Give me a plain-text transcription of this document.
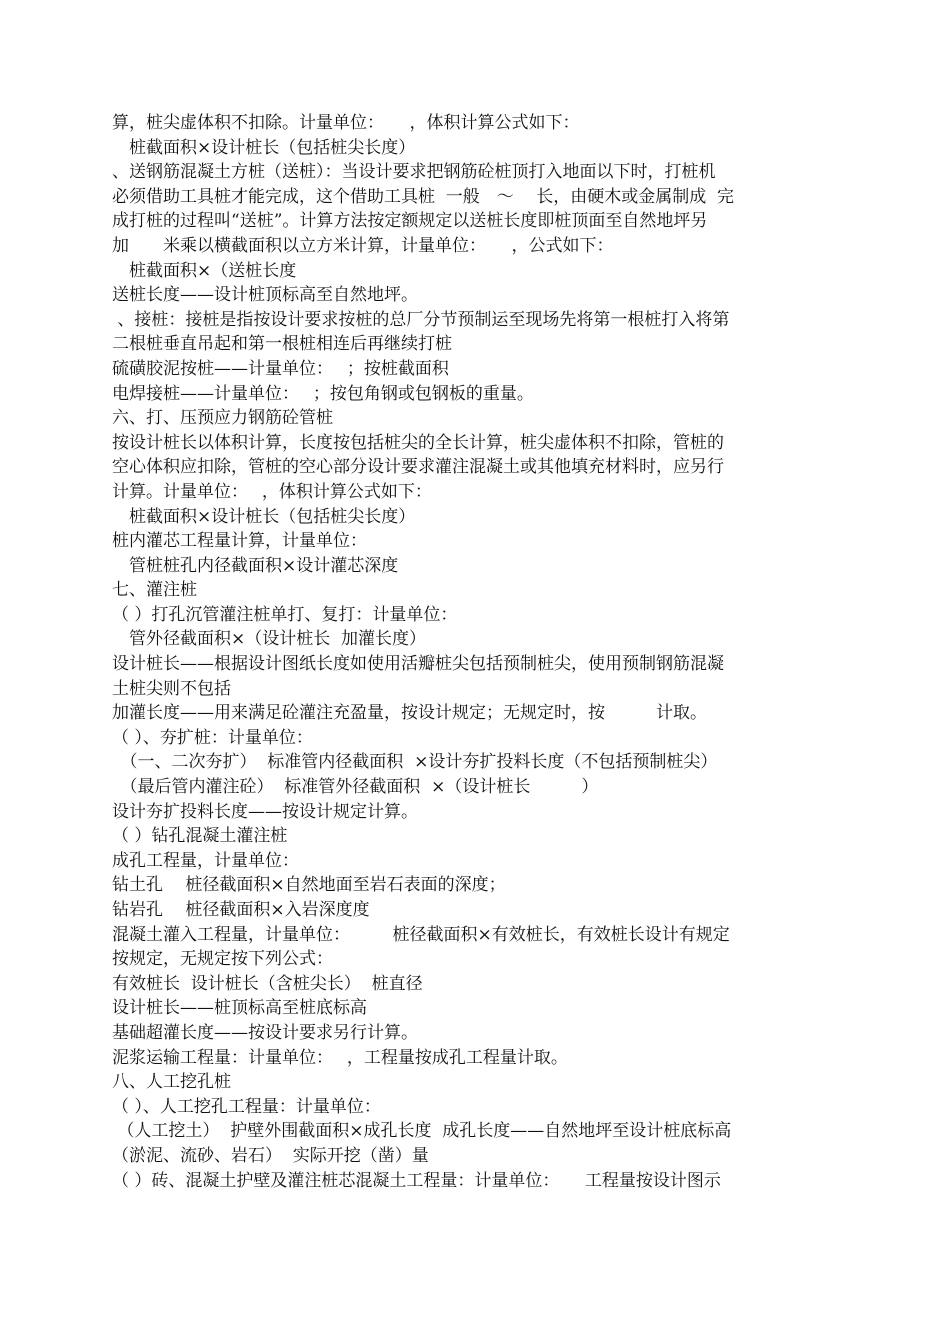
算，桩尖虚体积不扣除。计量单位：　　，体积计算公式如下：
　桩截面积×设计桩长（包括桩尖长度）
、送钢筋混凝土方桩（送桩）：当设计要求把钢筋砼桩顶打入地面以下时，打桩机
必须借助工具桩才能完成，这个借助工具桩  一般　～　 长，由硬木或金属制成  完
成打桩的过程叫“送桩”。计算方法按定额规定以送桩长度即桩顶面至自然地坪另
加　　米乘以横截面积以立方米计算，计量单位：　　，公式如下：
　桩截面积×（送桩长度
送桩长度——设计桩顶标高至自然地坪。
、接桩：接桩是指按设计要求按桩的总厂分节预制运至现场先将第一根桩打入将第
二根桩垂直吊起和第一根桩相连后再继续打桩
硫磺胶泥按桩——计量单位：　 ；按桩截面积
电焊接桩——计量单位：　 ；按包角钢或包钢板的重量。
六、打、压预应力钢筋砼管桩
按设计桩长以体积计算，长度按包括桩尖的全长计算，桩尖虚体积不扣除，管桩的
空心体积应扣除，管桩的空心部分设计要求灌注混凝土或其他填充材料时，应另行
计算。计量单位：　 ，体积计算公式如下：
　桩截面积×设计桩长（包括桩尖长度）
桩内灌芯工程量计算，计量单位：
　管桩桩孔内径截面积×设计灌芯深度
七、灌注桩
（ ）打孔沉管灌注桩单打、复打：计量单位：
　管外径截面积×（设计桩长  加灌长度）
设计桩长——根据设计图纸长度如使用活瓣桩尖包括预制桩尖，使用预制钢筋混凝
土桩尖则不包括
加灌长度——用来满足砼灌注充盈量，按设计规定；无规定时，按　　　计取。
（ ）、夯扩桩：计量单位：
　（一、二次夯扩）  标准管内径截面积  ×设计夯扩投料长度（不包括预制桩尖）
　（最后管内灌注砼）  标准管外径截面积  ×（设计桩长　　　）
设计夯扩投料长度——按设计规定计算。
（ ）钻孔混凝土灌注桩
成孔工程量，计量单位：
钻土孔　 桩径截面积×自然地面至岩石表面的深度；
钻岩孔　 桩径截面积×入岩深度度
混凝土灌入工程量，计量单位：　　　桩径截面积×有效桩长，有效桩长设计有规定
按规定，无规定按下列公式：
有效桩长  设计桩长（含桩尖长）  桩直径
设计桩长——桩顶标高至桩底标高
基础超灌长度——按设计要求另行计算。
泥浆运输工程量：计量单位：　 ，工程量按成孔工程量计取。
八、人工挖孔桩
（ ）、人工挖孔工程量：计量单位：
（人工挖土）  护壁外围截面积×成孔长度  成孔长度——自然地坪至设计桩底标高
（淤泥、流砂、岩石）  实际开挖（凿）量
（ ）砖、混凝土护壁及灌注桩芯混凝土工程量：计量单位：　　工程量按设计图示
